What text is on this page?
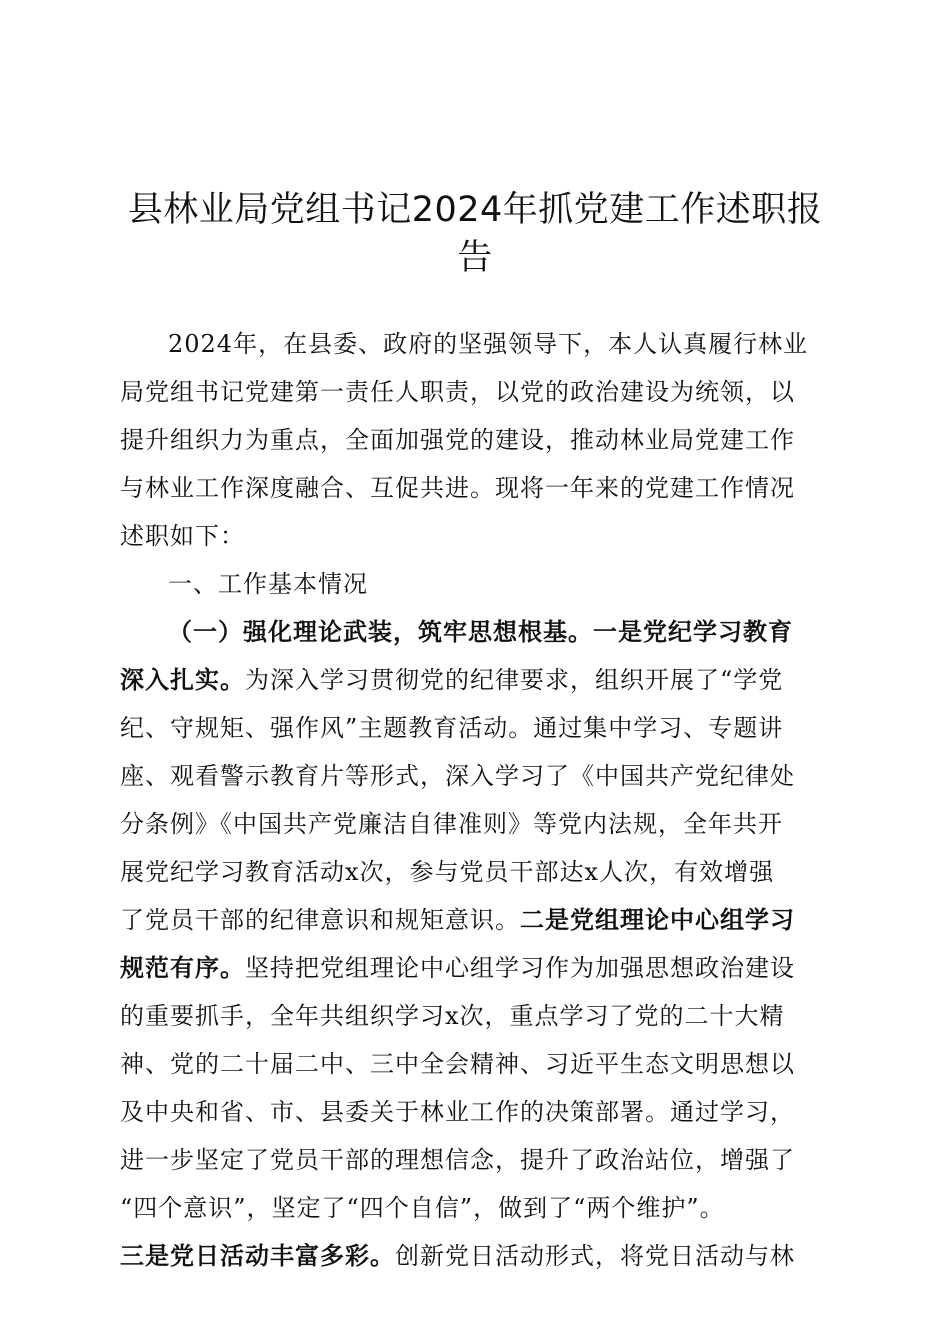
县林业局党组书记2024年抓党建工作述职报
告
2024年，在县委、政府的坚强领导下，本人认真履行林业
局党组书记党建第一责任人职责，以党的政治建设为统领，以
提升组织力为重点，全面加强党的建设，推动林业局党建工作
与林业工作深度融合、互促共进。现将一年来的党建工作情况
述职如下：
一、工作基本情况
（一）强化理论武装，筑牢思想根基。一是党纪学习教育
深入扎实。为深入学习贯彻党的纪律要求，组织开展了“学党
纪、守规矩、强作风”主题教育活动。通过集中学习、专题讲
座、观看警示教育片等形式，深入学习了《中国共产党纪律处
分条例》《中国共产党廉洁自律准则》等党内法规，全年共开
展党纪学习教育活动x次，参与党员干部达x人次，有效增强
了党员干部的纪律意识和规矩意识。二是党组理论中心组学习
规范有序。坚持把党组理论中心组学习作为加强思想政治建设
的重要抓手，全年共组织学习x次，重点学习了党的二十大精
神、党的二十届二中、三中全会精神、习近平生态文明思想以
及中央和省、市、县委关于林业工作的决策部署。通过学习，
进一步坚定了党员干部的理想信念，提升了政治站位，增强了
“四个意识”，坚定了“四个自信”，做到了“两个维护”。
三是党日活动丰富多彩。创新党日活动形式，将党日活动与林
